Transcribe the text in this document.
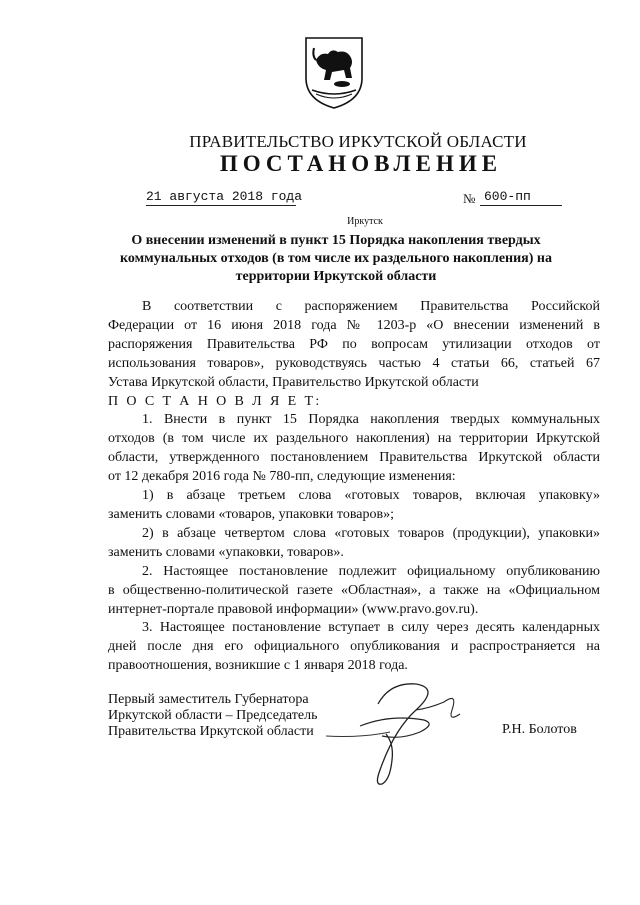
ПРАВИТЕЛЬСТВО ИРКУТСКОЙ ОБЛАСТИ
ПОСТАНОВЛЕНИЕ
21 августа 2018 года	№ 600-пп
Иркутск
О внесении изменений в пункт 15 Порядка накопления твердых
коммунальных отходов (в том числе их раздельного накопления) на
территории Иркутской области
В соответствии с распоряжением Правительства Российской
Федерации от 16 июня 2018 года № 1203-р «О внесении изменений в
распоряжения Правительства РФ по вопросам утилизации отходов от
использования товаров», руководствуясь частью 4 статьи 66, статьей 67
Устава Иркутской области, Правительство Иркутской области
П О С Т А Н О В Л Я Е Т:
1. Внести в пункт 15 Порядка накопления твердых коммунальных
отходов (в том числе их раздельного накопления) на территории Иркутской
области, утвержденного постановлением Правительства Иркутской области
от 12 декабря 2016 года № 780-пп, следующие изменения:
1) в абзаце третьем слова «готовых товаров, включая упаковку»
заменить словами «товаров, упаковки товаров»;
2) в абзаце четвертом слова «готовых товаров (продукции), упаковки»
заменить словами «упаковки, товаров».
2. Настоящее постановление подлежит официальному опубликованию
в общественно-политической газете «Областная», а также на «Официальном
интернет-портале правовой информации» (www.pravo.gov.ru).
3. Настоящее постановление вступает в силу через десять календарных
дней после дня его официального опубликования и распространяется на
правоотношения, возникшие с 1 января 2018 года.
Первый заместитель Губернатора
Иркутской области – Председатель
Правительства Иркутской области	Р.Н. Болотов
